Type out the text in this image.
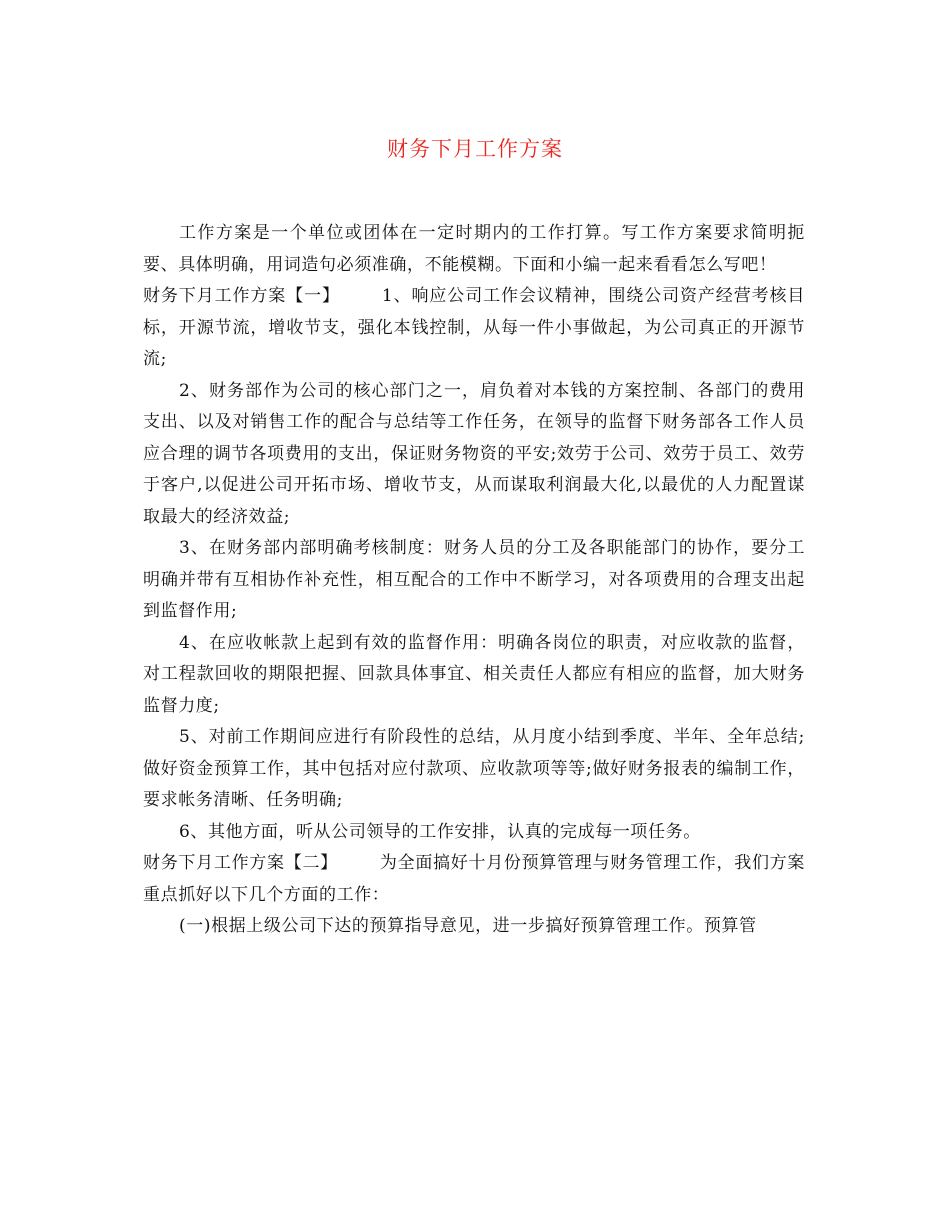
财务下月工作方案

工作方案是一个单位或团体在一定时期内的工作打算。写工作方案要求简明扼要、具体明确，用词造句必须准确，不能模糊。下面和小编一起来看看怎么写吧！

财务下月工作方案【一】 1、响应公司工作会议精神，围绕公司资产经营考核目标，开源节流，增收节支，强化本钱控制，从每一件小事做起，为公司真正的开源节流;

2、财务部作为公司的核心部门之一，肩负着对本钱的方案控制、各部门的费用支出、以及对销售工作的配合与总结等工作任务，在领导的监督下财务部各工作人员应合理的调节各项费用的支出，保证财务物资的平安;效劳于公司、效劳于员工、效劳于客户,以促进公司开拓市场、增收节支，从而谋取利润最大化,以最优的人力配置谋取最大的经济效益;

3、在财务部内部明确考核制度：财务人员的分工及各职能部门的协作，要分工明确并带有互相协作补充性，相互配合的工作中不断学习，对各项费用的合理支出起到监督作用;

4、在应收帐款上起到有效的监督作用：明确各岗位的职责，对应收款的监督，对工程款回收的期限把握、回款具体事宜、相关责任人都应有相应的监督，加大财务监督力度;

5、对前工作期间应进行有阶段性的总结，从月度小结到季度、半年、全年总结;做好资金预算工作，其中包括对应付款项、应收款项等等;做好财务报表的编制工作，要求帐务清晰、任务明确;

6、其他方面，听从公司领导的工作安排，认真的完成每一项任务。

财务下月工作方案【二】 为全面搞好十月份预算管理与财务管理工作，我们方案重点抓好以下几个方面的工作：

(一)根据上级公司下达的预算指导意见，进一步搞好预算管理工作。预算管
